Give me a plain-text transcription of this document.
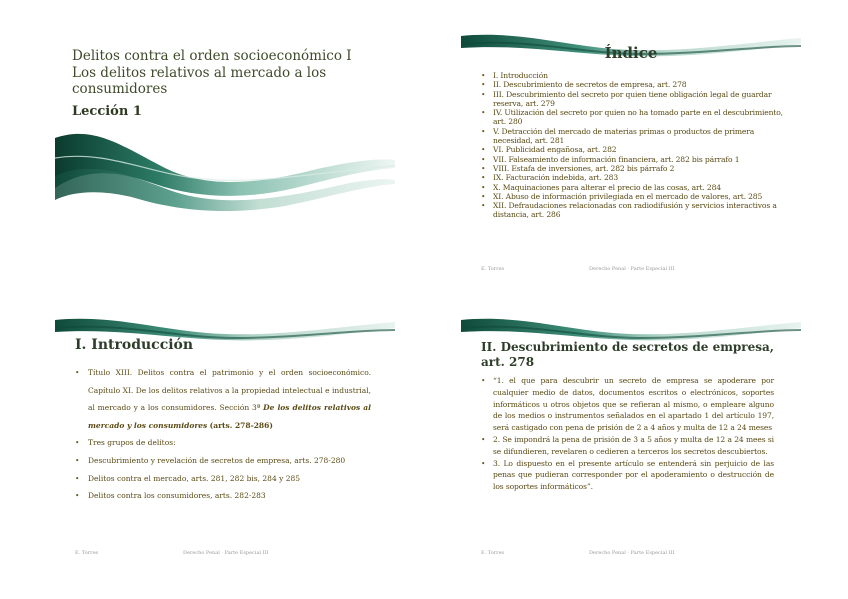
Delitos contra el orden socioeconómico I
Los delitos relativos al mercado a los
consumidores
Lección 1
Índice
• I. Introducción
• II. Descubrimiento de secretos de empresa, art. 278
• III. Descubrimiento del secreto por quien tiene obligación legal de guardar reserva, art. 279
• IV. Utilización del secreto por quien no ha tomado parte en el descubrimiento, art. 280
• V. Detracción del mercado de materias primas o productos de primera necesidad, art. 281
• VI. Publicidad engañosa, art. 282
• VII. Falseamiento de información financiera, art. 282 bis párrafo 1
• VIII. Estafa de inversiones, art. 282 bis párrafo 2
• IX. Facturación indebida, art. 283
• X. Maquinaciones para alterar el precio de las cosas, art. 284
• XI. Abuso de información privilegiada en el mercado de valores, art. 285
• XII. Defraudaciones relacionadas con radiodifusión y servicios interactivos a distancia, art. 286
E. Torres	Derecho Penal · Parte Especial III
I. Introducción
• Título XIII. Delitos contra el patrimonio y el orden socioeconómico. Capítulo XI. De los delitos relativos a la propiedad intelectual e industrial, al mercado y a los consumidores. Sección 3ª De los delitos relativos al mercado y los consumidores (arts. 278-286)
• Tres grupos de delitos:
• Descubrimiento y revelación de secretos de empresa, arts. 278-280
• Delitos contra el mercado, arts. 281, 282 bis, 284 y 285
• Delitos contra los consumidores, arts. 282-283
E. Torres	Derecho Penal · Parte Especial III
II. Descubrimiento de secretos de empresa, art. 278
• “1. el que para descubrir un secreto de empresa se apoderare por cualquier medio de datos, documentos escritos o electrónicos, soportes informáticos u otros objetos que se refieran al mismo, o empleare alguno de los medios o instrumentos señalados en el apartado 1 del artículo 197, será castigado con pena de prisión de 2 a 4 años y multa de 12 a 24 meses
• 2. Se impondrá la pena de prisión de 3 a 5 años y multa de 12 a 24 mees si se difundieren, revelaren o cedieren a terceros los secretos descubiertos.
• 3. Lo dispuesto en el presente artículo se entenderá sin perjuicio de las penas que pudieran corresponder por el apoderamiento o destrucción de los soportes informáticos”.
E. Torres	Derecho Penal · Parte Especial III
